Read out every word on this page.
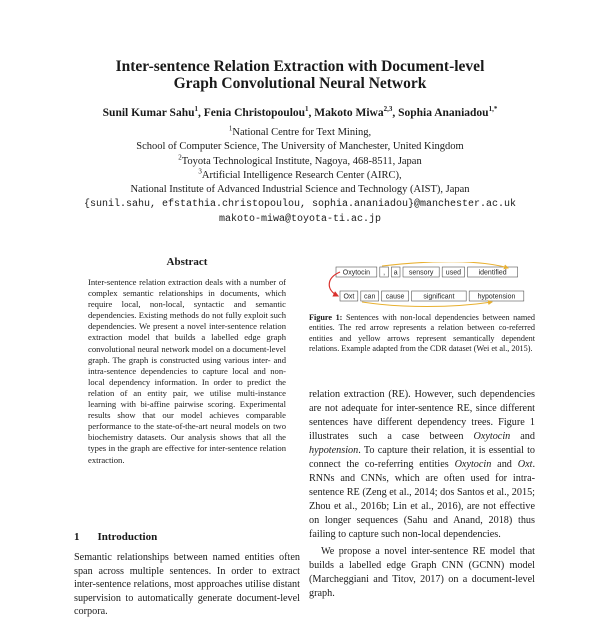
Inter-sentence Relation Extraction with Document-level
Graph Convolutional Neural Network
Sunil Kumar Sahu$^1$, Fenia Christopoulou$^1$, Makoto Miwa$^{2,3}$, Sophia Ananiadou$^{1,*}$
$^1$National Centre for Text Mining,
School of Computer Science, The University of Manchester, United Kingdom
$^2$Toyota Technological Institute, Nagoya, 468-8511, Japan
$^3$Artificial Intelligence Research Center (AIRC),
National Institute of Advanced Industrial Science and Technology (AIST), Japan
{sunil.sahu, efstathia.christopoulou, sophia.ananiadou}@manchester.ac.uk
makoto-miwa@toyota-ti.ac.jp
Abstract
Inter-sentence relation extraction deals with a number of complex semantic relationships in documents, which require local, non-local, syntactic and semantic dependencies. Existing methods do not fully exploit such dependencies. We present a novel inter-sentence relation extraction model that builds a labelled edge graph convolutional neural network model on a document-level graph. The graph is constructed using various inter- and intra-sentence dependencies to capture local and non-local dependency information. In order to predict the relation of an entity pair, we utilise multi-instance learning with bi-affine pairwise scoring. Experimental results show that our model achieves comparable performance to the state-of-the-art neural models on two biochemistry datasets. Our analysis shows that all the types in the graph are effective for inter-sentence relation extraction.
1 Introduction
Semantic relationships between named entities often span across multiple sentences. In order to extract inter-sentence relations, most approaches utilise distant supervision to automatically generate document-level corpora.
Oxytocin , a sensory used	identified
Oxt can cause	significant	hypotension
Figure 1: Sentences with non-local dependencies between named entities. The red arrow represents a relation between co-referred entities and yellow arrows represent semantically dependent relations. Example adapted from the CDR dataset (Wei et al., 2015).

relation extraction (RE). However, such dependencies are not adequate for inter-sentence RE, since different sentences have different dependency trees. Figure 1 illustrates such a case between Oxytocin and hypotension. To capture their relation, it is essential to connect the co-referring entities Oxytocin and Oxt. RNNs and CNNs, which are often used for intra-sentence RE (Zeng et al., 2014; dos Santos et al., 2015; Zhou et al., 2016b; Lin et al., 2016), are not effective on longer sequences (Sahu and Anand, 2018) thus failing to capture such non-local dependencies.

We propose a novel inter-sentence RE model that builds a labelled edge Graph CNN (GCNN) model (Marcheggiani and Titov, 2017) on a document-level graph.
